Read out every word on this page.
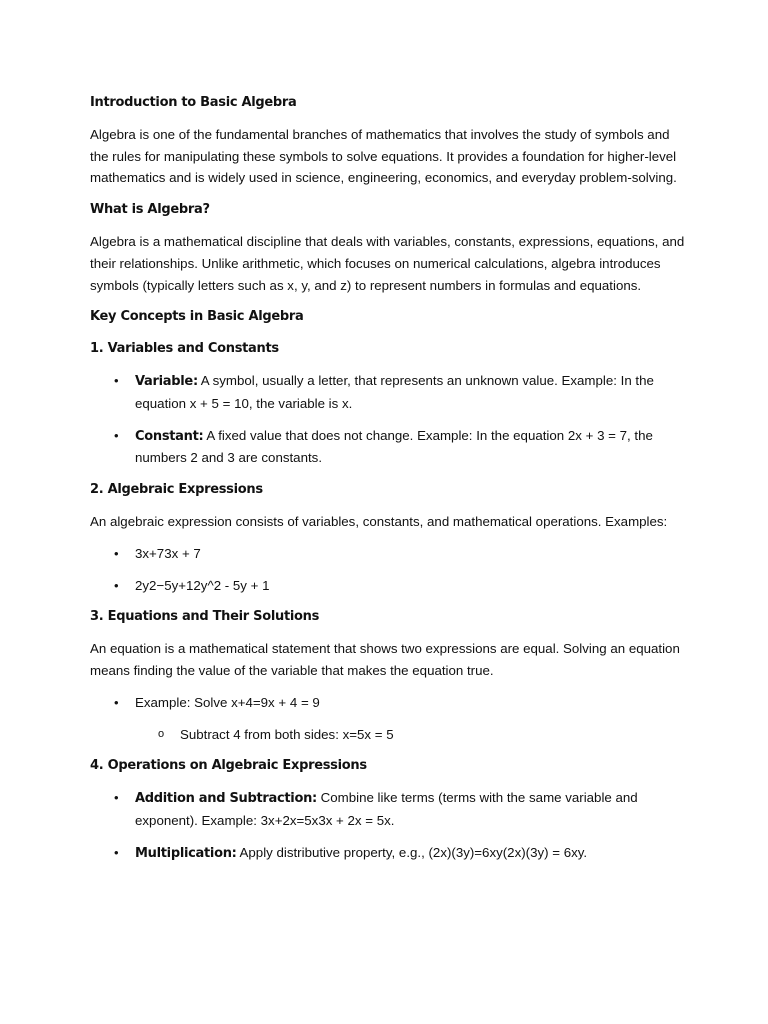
Introduction to Basic Algebra

Algebra is one of the fundamental branches of mathematics that involves the study of symbols and the rules for manipulating these symbols to solve equations. It provides a foundation for higher-level mathematics and is widely used in science, engineering, economics, and everyday problem-solving.

What is Algebra?

Algebra is a mathematical discipline that deals with variables, constants, expressions, equations, and their relationships. Unlike arithmetic, which focuses on numerical calculations, algebra introduces symbols (typically letters such as x, y, and z) to represent numbers in formulas and equations.

Key Concepts in Basic Algebra
1. Variables and Constants
• Variable: A symbol, usually a letter, that represents an unknown value. Example: In the equation x + 5 = 10, the variable is x.
• Constant: A fixed value that does not change. Example: In the equation 2x + 3 = 7, the numbers 2 and 3 are constants.
2. Algebraic Expressions

An algebraic expression consists of variables, constants, and mathematical operations. Examples:

• 3x+73x + 7
• 2y2−5y+12y^2 - 5y + 1
3. Equations and Their Solutions

An equation is a mathematical statement that shows two expressions are equal. Solving an equation means finding the value of the variable that makes the equation true.

• Example: Solve x+4=9x + 4 = 9
o Subtract 4 from both sides: x=5x = 5
4. Operations on Algebraic Expressions
• Addition and Subtraction: Combine like terms (terms with the same variable and exponent). Example: 3x+2x=5x3x + 2x = 5x.
• Multiplication: Apply distributive property, e.g., (2x)(3y)=6xy(2x)(3y) = 6xy.
